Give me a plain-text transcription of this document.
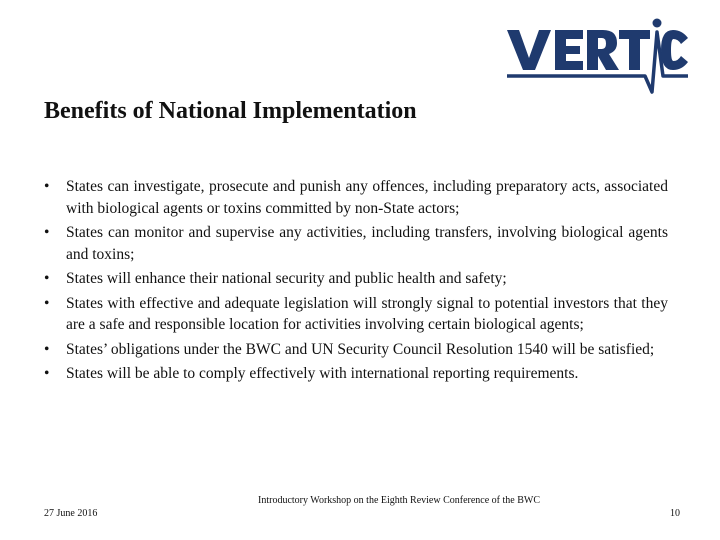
Benefits of National Implementation
• States can investigate, prosecute and punish any offences, including preparatory acts, associated with biological agents or toxins committed by non-State actors;
• States can monitor and supervise any activities, including transfers, involving biological agents and toxins;
• States will enhance their national security and public health and safety;
• States with effective and adequate legislation will strongly signal to potential investors that they are a safe and responsible location for activities involving certain biological agents;
• States’ obligations under the BWC and UN Security Council Resolution 1540 will be satisfied;
• States will be able to comply effectively with international reporting requirements.
27 June 2016
Introductory Workshop on the Eighth Review Conference of the BWC
10
